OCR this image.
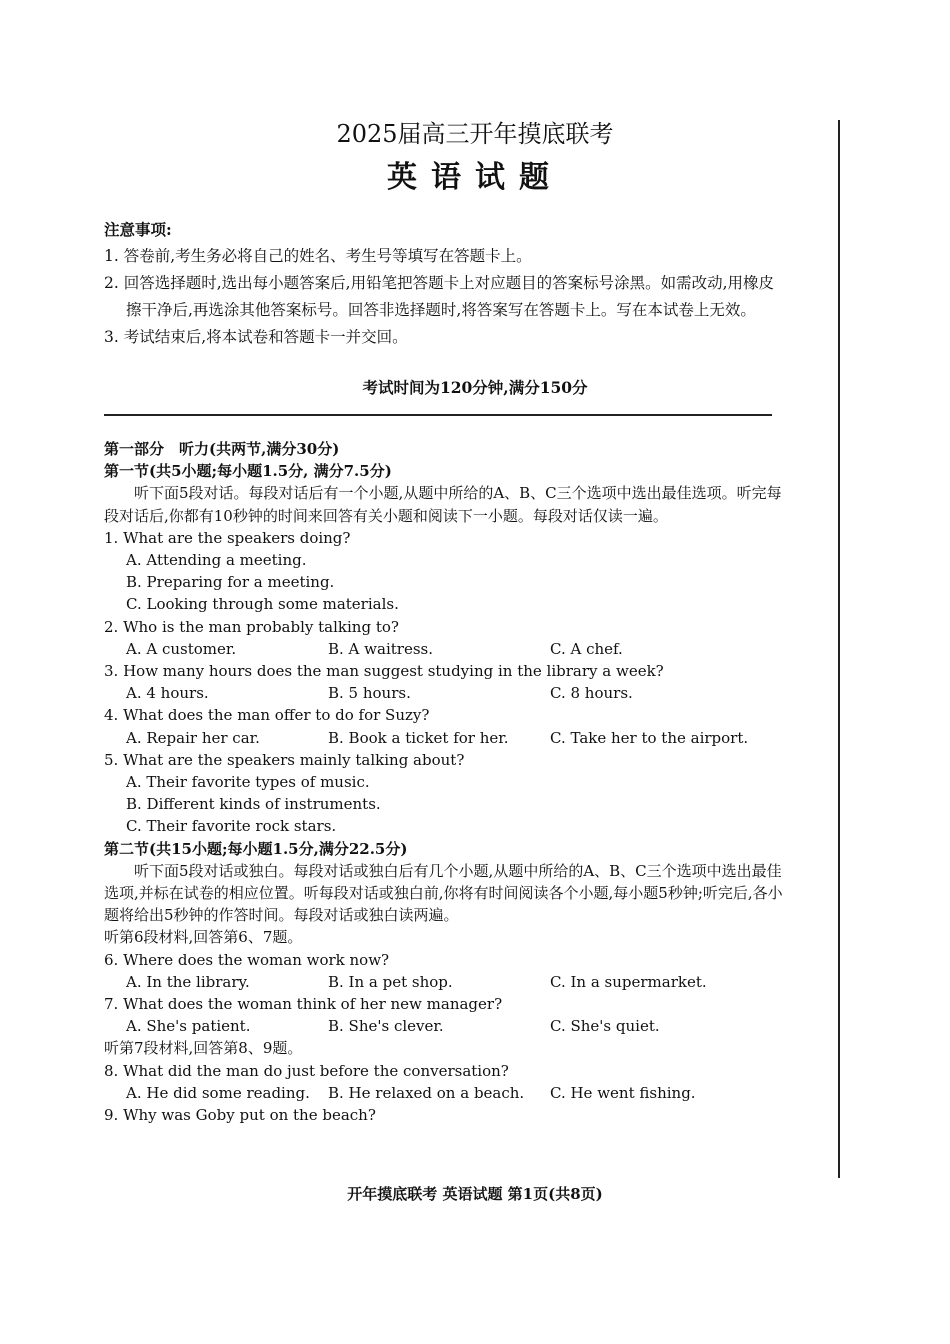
2025届高三开年摸底联考
英语试题
注意事项:
1. 答卷前,考生务必将自己的姓名、考生号等填写在答题卡上。
2. 回答选择题时,选出每小题答案后,用铅笔把答题卡上对应题目的答案标号涂黑。如需改动,用橡皮擦干净后,再选涂其他答案标号。回答非选择题时,将答案写在答题卡上。写在本试卷上无效。
3. 考试结束后,将本试卷和答题卡一并交回。
考试时间为120分钟,满分150分
第一部分　听力(共两节,满分30分)
第一节(共5小题;每小题1.5分, 满分7.5分)
听下面5段对话。每段对话后有一个小题,从题中所给的A、B、C三个选项中选出最佳选项。听完每段对话后,你都有10秒钟的时间来回答有关小题和阅读下一小题。每段对话仅读一遍。
1. What are the speakers doing?
A. Attending a meeting.
B. Preparing for a meeting.
C. Looking through some materials.
2. Who is the man probably talking to?
A. A customer.	B. A waitress.	C. A chef.
3. How many hours does the man suggest studying in the library a week?
A. 4 hours.	B. 5 hours.	C. 8 hours.
4. What does the man offer to do for Suzy?
A. Repair her car.	B. Book a ticket for her.	C. Take her to the airport.
5. What are the speakers mainly talking about?
A. Their favorite types of music.
B. Different kinds of instruments.
C. Their favorite rock stars.
第二节(共15小题;每小题1.5分,满分22.5分)
听下面5段对话或独白。每段对话或独白后有几个小题,从题中所给的A、B、C三个选项中选出最佳选项,并标在试卷的相应位置。听每段对话或独白前,你将有时间阅读各个小题,每小题5秒钟;听完后,各小题将给出5秒钟的作答时间。每段对话或独白读两遍。
听第6段材料,回答第6、7题。
6. Where does the woman work now?
A. In the library.	B. In a pet shop.	C. In a supermarket.
7. What does the woman think of her new manager?
A. She's patient.	B. She's clever.	C. She's quiet.
听第7段材料,回答第8、9题。
8. What did the man do just before the conversation?
A. He did some reading.	B. He relaxed on a beach.	C. He went fishing.
9. Why was Goby put on the beach?
开年摸底联考 英语试题 第1页(共8页)
